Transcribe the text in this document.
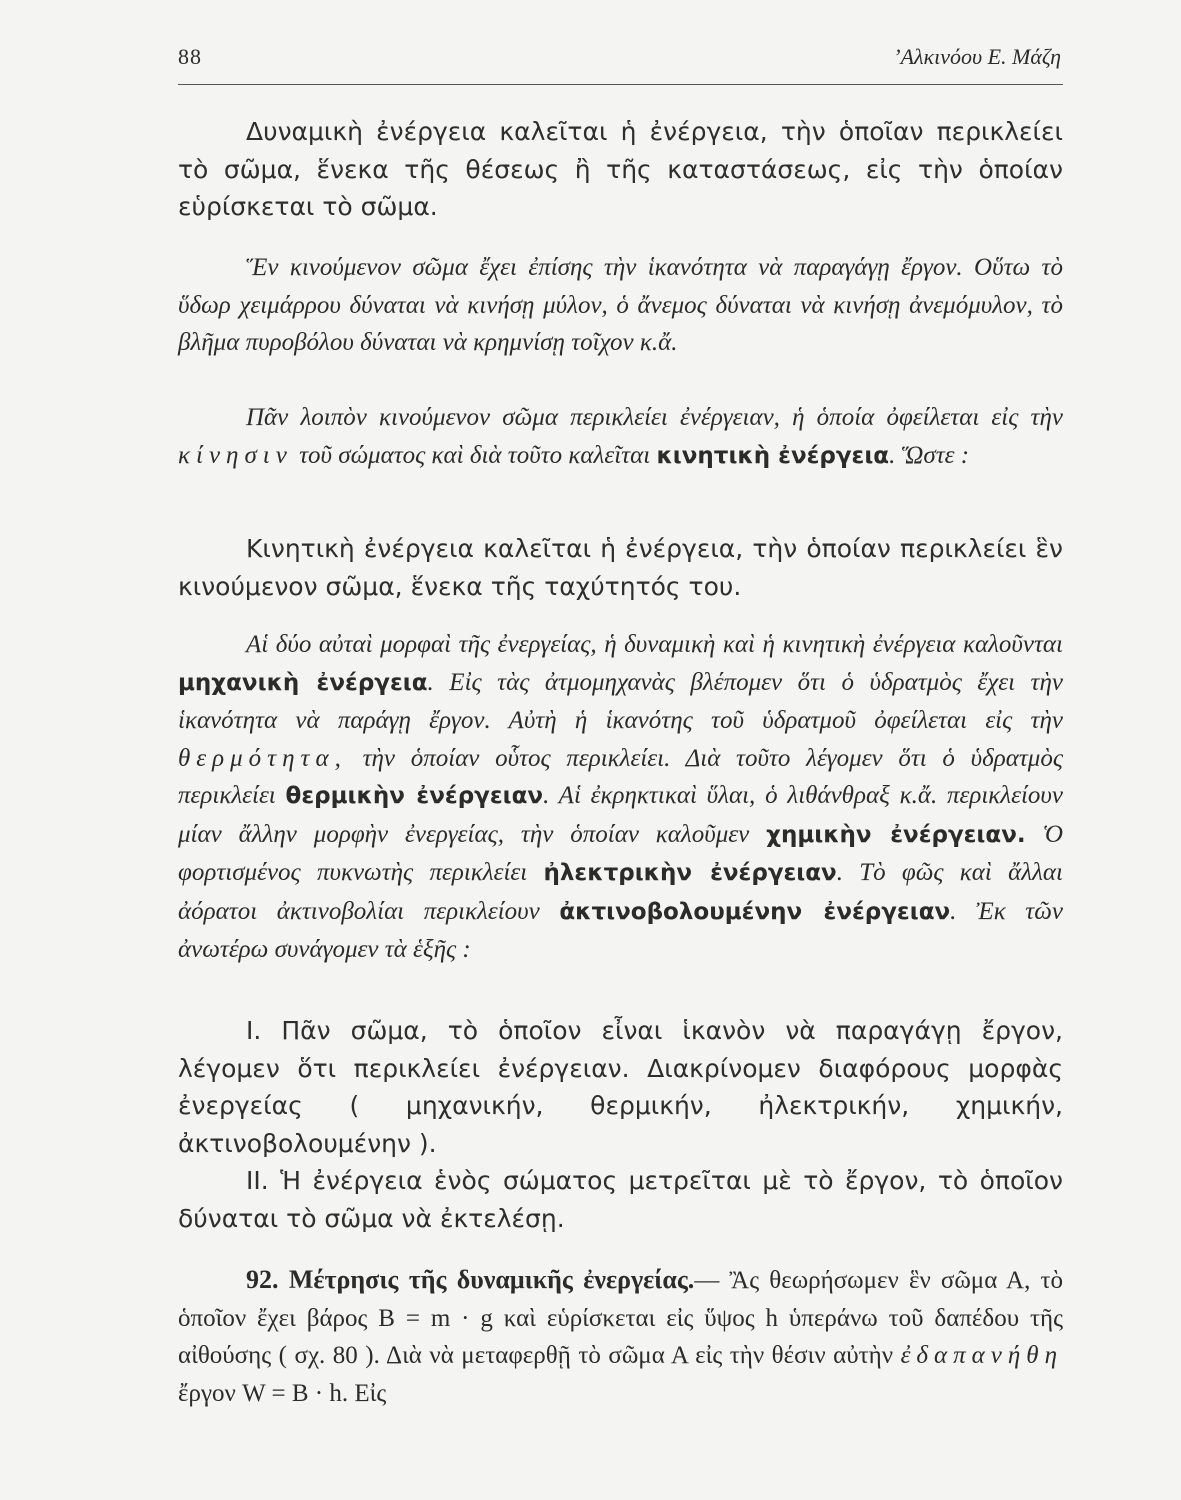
88	’Αλκινόου Ε. Μάζη

Δυναμικὴ ἐνέργεια καλεῖται ἡ ἐνέργεια, τὴν ὁποῖαν περικλείει τὸ σῶμα, ἕνεκα τῆς θέσεως ἢ τῆς καταστάσεως, εἰς τὴν ὁποίαν εὑρίσκεται τὸ σῶμα.

Ἕν κινούμενον σῶμα ἔχει ἐπίσης τὴν ἱκανότητα νὰ παραγάγῃ ἔργον. Οὕτω τὸ ὕδωρ χειμάρρου δύναται νὰ κινήσῃ μύλον, ὁ ἄνεμος δύναται νὰ κινήσῃ ἀνεμόμυλον, τὸ βλῆμα πυροβόλου δύναται νὰ κρημνίσῃ τοῖχον κ.ἄ.

Πᾶν λοιπὸν κινούμενον σῶμα περικλείει ἐνέργειαν, ἡ ὁποία ὀφείλεται εἰς τὴν κίνησιν τοῦ σώματος καὶ διὰ τοῦτο καλεῖται κινητικὴ ἐνέργεια. Ὥστε :

Κινητικὴ ἐνέργεια καλεῖται ἡ ἐνέργεια, τὴν ὁποίαν περικλείει ἓν κινούμενον σῶμα, ἕνεκα τῆς ταχύτητός του.

Αἱ δύο αὐταὶ μορφαὶ τῆς ἐνεργείας, ἡ δυναμικὴ καὶ ἡ κινητικὴ ἐνέργεια καλοῦνται μηχανικὴ ἐνέργεια. Εἰς τὰς ἀτμομηχανὰς βλέπομεν ὅτι ὁ ὑδρατμὸς ἔχει τὴν ἱκανότητα νὰ παράγῃ ἔργον. Αὐτὴ ἡ ἱκανότης τοῦ ὑδρατμοῦ ὀφείλεται εἰς τὴν θερμότητα, τὴν ὁποίαν οὗτος περικλείει. Διὰ τοῦτο λέγομεν ὅτι ὁ ὑδρατμὸς περικλείει θερμικὴν ἐνέργειαν. Αἱ ἐκρηκτικαὶ ὕλαι, ὁ λιθάνθραξ κ.ἄ. περικλείουν μίαν ἄλλην μορφὴν ἐνεργείας, τὴν ὁποίαν καλοῦμεν χημικὴν ἐνέργειαν. Ὁ φορτισμένος πυκνωτὴς περικλείει ἠλεκτρικὴν ἐνέργειαν. Τὸ φῶς καὶ ἄλλαι ἀόρατοι ἀκτινοβολίαι περικλείουν ἀκτινοβολουμένην ἐνέργειαν. Ἐκ τῶν ἀνωτέρω συνάγομεν τὰ ἑξῆς :

I. Πᾶν σῶμα, τὸ ὁποῖον εἶναι ἱκανὸν νὰ παραγάγῃ ἔργον, λέγομεν ὅτι περικλείει ἐνέργειαν. Διακρίνομεν διαφόρους μορφὰς ἐνεργείας ( μηχανικήν, θερμικήν, ἠλεκτρικήν, χημικήν, ἀκτινοβολουμένην ).

II. Ἡ ἐνέργεια ἑνὸς σώματος μετρεῖται μὲ τὸ ἔργον, τὸ ὁποῖον δύναται τὸ σῶμα νὰ ἐκτελέσῃ.

92. Μέτρησις τῆς δυναμικῆς ἐνεργείας.— Ἂς θεωρήσωμεν ἓν σῶμα Α, τὸ ὁποῖον ἔχει βάρος Β = m · g καὶ εὑρίσκεται εἰς ὕψος h ὑπεράνω τοῦ δαπέδου τῆς αἰθούσης ( σχ. 80 ). Διὰ νὰ μεταφερθῇ τὸ σῶμα Α εἰς τὴν θέσιν αὐτὴν ἐδαπανήθη ἔργον W = Β · h. Εἰς
